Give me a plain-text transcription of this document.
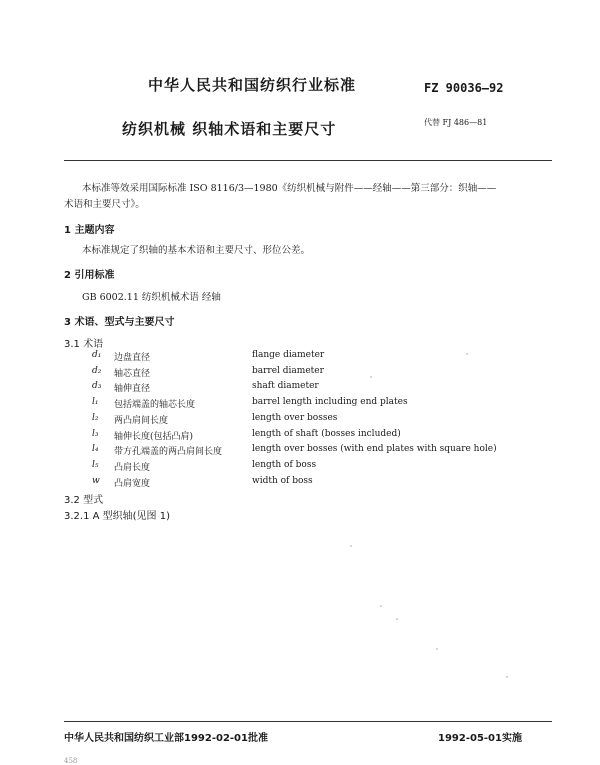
中华人民共和国纺织行业标准	FZ 90036—92
纺织机械 织轴术语和主要尺寸	代替 FJ 486—81
本标准等效采用国际标准 ISO 8116/3—1980《纺织机械与附件——经轴——第三部分：织轴——
术语和主要尺寸》。
1 主题内容
本标准规定了织轴的基本术语和主要尺寸、形位公差。
2 引用标准
GB 6002.11 纺织机械术语 经轴
3 术语、型式与主要尺寸
3.1 术语
d₁ 边盘直径	flange diameter
d₂ 轴芯直径	barrel diameter
d₃ 轴伸直径	shaft diameter
l₁ 包括端盖的轴芯长度	barrel length including end plates
l₂ 两凸肩间长度	length over bosses
l₃ 轴伸长度(包括凸肩)	length of shaft (bosses included)
l₄ 带方孔端盖的两凸肩间长度	length over bosses (with end plates with square hole)
l₅ 凸肩长度	length of boss
w 凸肩宽度	width of boss
3.2 型式
3.2.1 A 型织轴(见图 1)
中华人民共和国纺织工业部1992-02-01批准	1992-05-01实施
458
